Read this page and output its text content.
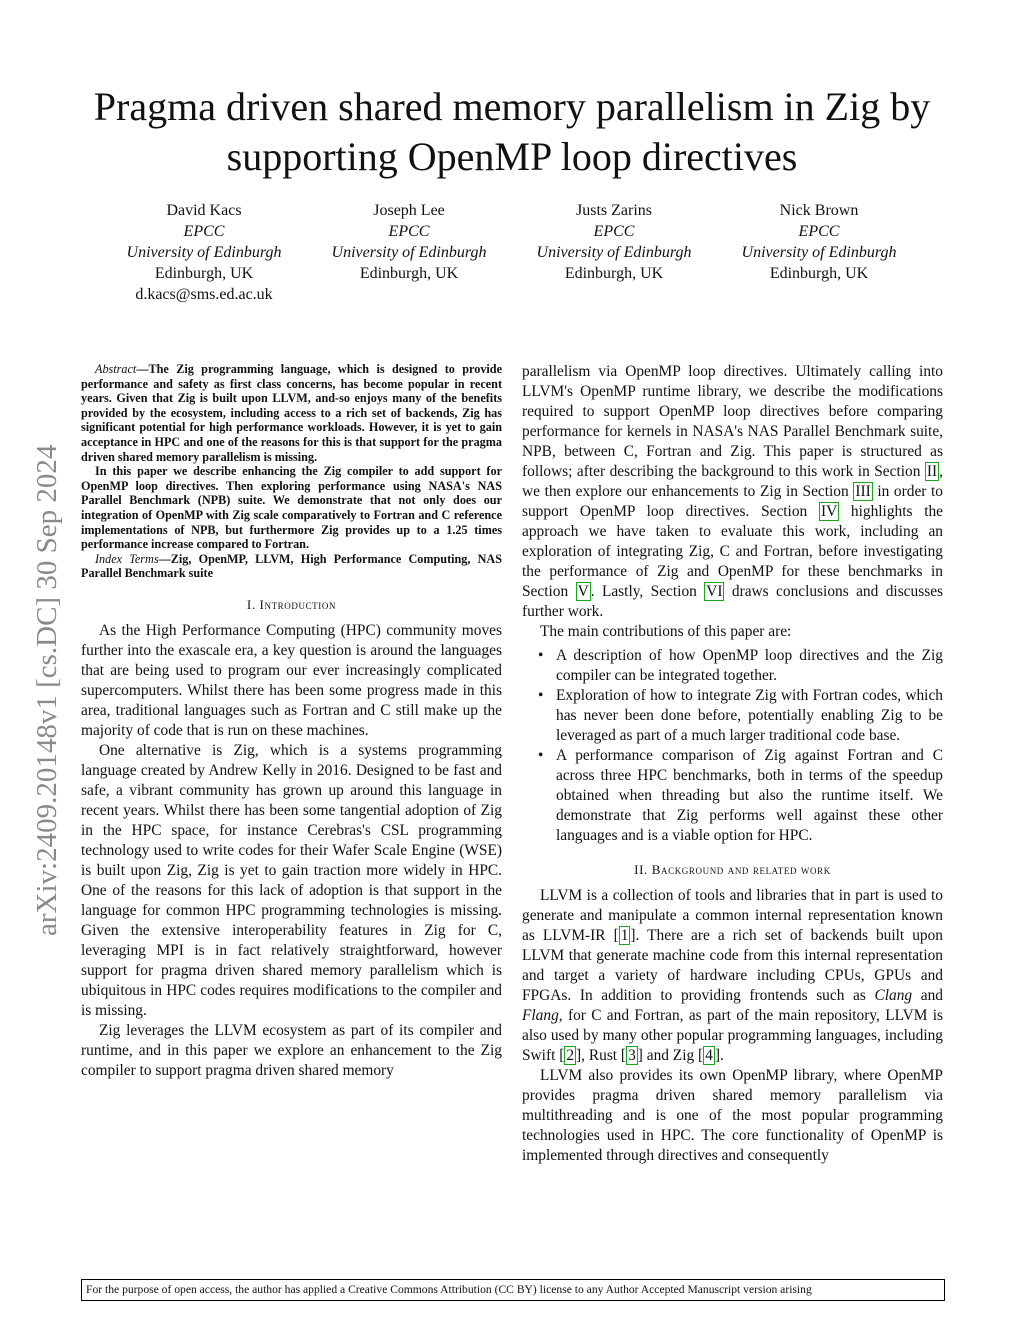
Pragma driven shared memory parallelism in Zig by
supporting OpenMP loop directives
David Kacs
EPCC
University of Edinburgh
Edinburgh, UK
d.kacs@sms.ed.ac.uk
Joseph Lee
EPCC
University of Edinburgh
Edinburgh, UK
Justs Zarins
EPCC
University of Edinburgh
Edinburgh, UK
Nick Brown
EPCC
University of Edinburgh
Edinburgh, UK
arXiv:2409.20148v1 [cs.DC] 30 Sep 2024

Abstract—The Zig programming language, which is designed to provide performance and safety as first class concerns, has become popular in recent years. Given that Zig is built upon LLVM, and-so enjoys many of the benefits provided by the ecosystem, including access to a rich set of backends, Zig has significant potential for high performance workloads. However, it is yet to gain acceptance in HPC and one of the reasons for this is that support for the pragma driven shared memory parallelism is missing.

In this paper we describe enhancing the Zig compiler to add support for OpenMP loop directives. Then exploring performance using NASA's NAS Parallel Benchmark (NPB) suite. We demonstrate that not only does our integration of OpenMP with Zig scale comparatively to Fortran and C reference implementations of NPB, but furthermore Zig provides up to a 1.25 times performance increase compared to Fortran.

Index Terms—Zig, OpenMP, LLVM, High Performance Computing, NAS Parallel Benchmark suite

I. Introduction

As the High Performance Computing (HPC) community moves further into the exascale era, a key question is around the languages that are being used to program our ever increasingly complicated supercomputers. Whilst there has been some progress made in this area, traditional languages such as Fortran and C still make up the majority of code that is run on these machines.

One alternative is Zig, which is a systems programming language created by Andrew Kelly in 2016. Designed to be fast and safe, a vibrant community has grown up around this language in recent years. Whilst there has been some tangential adoption of Zig in the HPC space, for instance Cerebras's CSL programming technology used to write codes for their Wafer Scale Engine (WSE) is built upon Zig, Zig is yet to gain traction more widely in HPC. One of the reasons for this lack of adoption is that support in the language for common HPC programming technologies is missing. Given the extensive interoperability features in Zig for C, leveraging MPI is in fact relatively straightforward, however support for pragma driven shared memory parallelism which is ubiquitous in HPC codes requires modifications to the compiler and is missing.

Zig leverages the LLVM ecosystem as part of its compiler and runtime, and in this paper we explore an enhancement to the Zig compiler to support pragma driven shared memory

parallelism via OpenMP loop directives. Ultimately calling into LLVM's OpenMP runtime library, we describe the modifications required to support OpenMP loop directives before comparing performance for kernels in NASA's NAS Parallel Benchmark suite, NPB, between C, Fortran and Zig. This paper is structured as follows; after describing the background to this work in Section II , we then explore our enhancements to Zig in Section III in order to support OpenMP loop directives. Section IV highlights the approach we have taken to evaluate this work, including an exploration of integrating Zig, C and Fortran, before investigating the performance of Zig and OpenMP for these benchmarks in Section V . Lastly, Section VI draws conclusions and discusses further work.

The main contributions of this paper are:

• A description of how OpenMP loop directives and the Zig compiler can be integrated together.
• Exploration of how to integrate Zig with Fortran codes, which has never been done before, potentially enabling Zig to be leveraged as part of a much larger traditional code base.
• A performance comparison of Zig against Fortran and C across three HPC benchmarks, both in terms of the speedup obtained when threading but also the runtime itself. We demonstrate that Zig performs well against these other languages and is a viable option for HPC.
II. Background and related work

LLVM is a collection of tools and libraries that in part is used to generate and manipulate a common internal representation known as LLVM-IR [ 1 ]. There are a rich set of backends built upon LLVM that generate machine code from this internal representation and target a variety of hardware including CPUs, GPUs and FPGAs. In addition to providing frontends such as Clang and Flang, for C and Fortran, as part of the main repository, LLVM is also used by many other popular programming languages, including Swift [ 2 ], Rust [ 3 ] and Zig [ 4 ].

LLVM also provides its own OpenMP library, where OpenMP provides pragma driven shared memory parallelism via multithreading and is one of the most popular programming technologies used in HPC. The core functionality of OpenMP is implemented through directives and consequently

For the purpose of open access, the author has applied a Creative Commons Attribution (CC BY) license to any Author Accepted Manuscript version arising
